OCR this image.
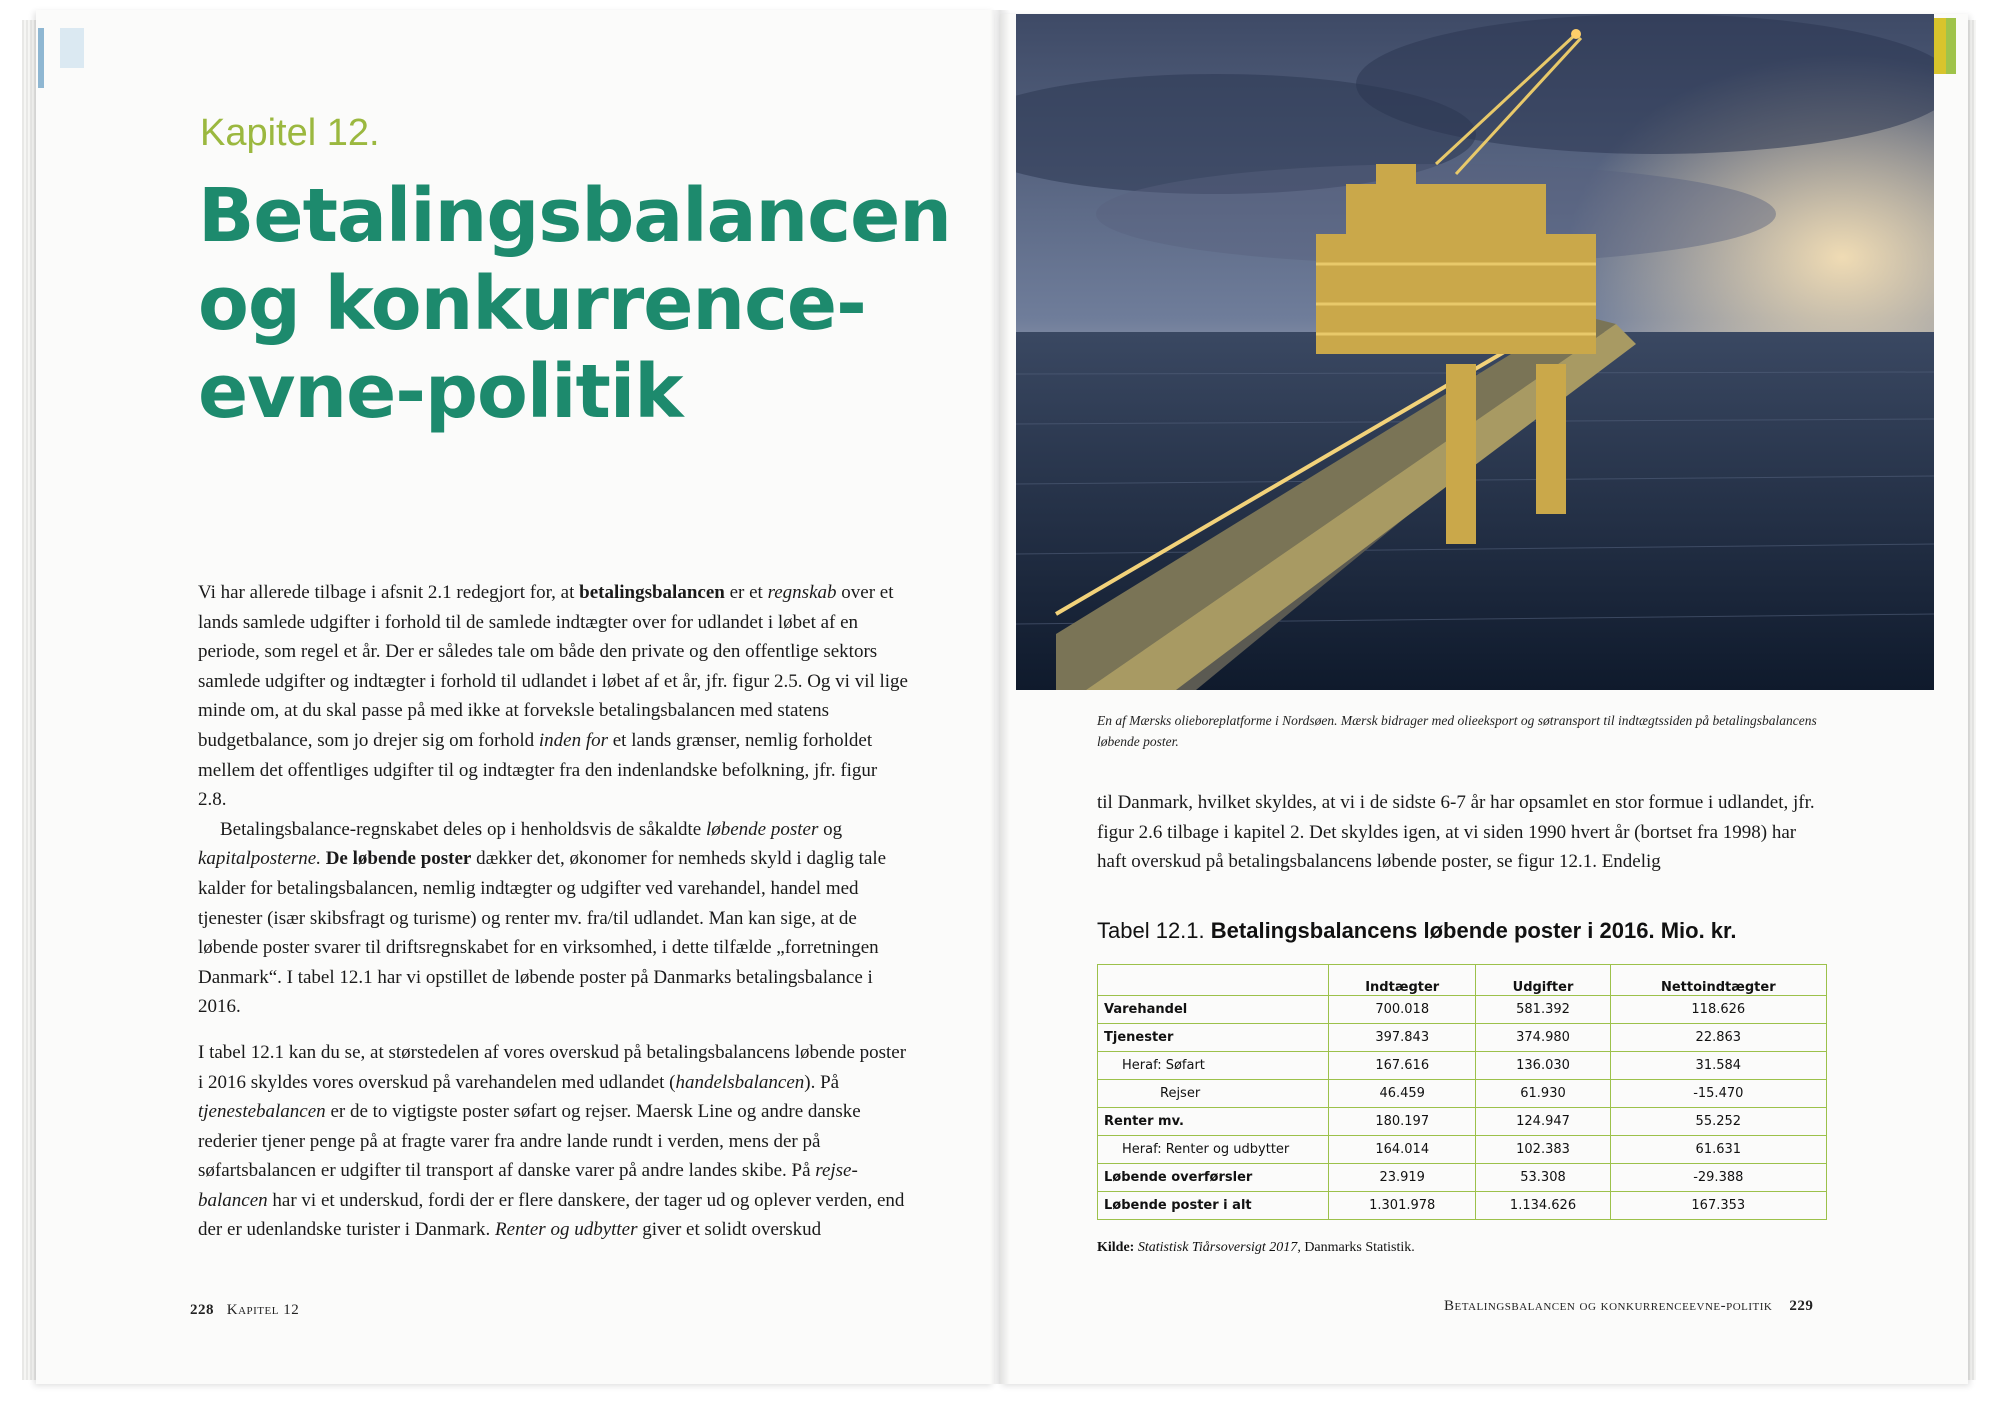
Kapitel 12.
Betalingsbalancen
og konkurrence-
evne-politik

Vi har allerede tilbage i afsnit 2.1 redegjort for, at betalingsbalancen er et regnskab over et lands samlede udgifter i forhold til de samlede indtægter over for udlandet i løbet af en periode, som regel et år. Der er således tale om både den private og den offentlige sektors samlede udgifter og indtægter i forhold til udlandet i løbet af et år, jfr. figur 2.5. Og vi vil lige minde om, at du skal passe på med ikke at forveksle betalingsbalancen med statens budgetbalance, som jo drejer sig om forhold inden for et lands grænser, nemlig forholdet mellem det offentliges udgifter til og indtægter fra den indenlandske befolkning, jfr. figur 2.8.

Betalingsbalance-regnskabet deles op i henholdsvis de såkaldte løbende poster og kapitalposterne. De løbende poster dækker det, økonomer for nemheds skyld i daglig tale kalder for betalingsbalancen, nemlig indtægter og udgifter ved varehandel, handel med tjenester (især skibsfragt og turisme) og renter mv. fra/til udlandet. Man kan sige, at de løbende poster svarer til driftsregnskabet for en virksomhed, i dette tilfælde „forretningen Danmark“. I tabel 12.1 har vi opstillet de løbende poster på Danmarks betalingsbalance i 2016.

I tabel 12.1 kan du se, at størstedelen af vores overskud på betalingsbalancens løbende poster i 2016 skyldes vores overskud på varehandelen med udlandet (handelsbalancen). På tjenestebalancen er de to vigtigste poster søfart og rejser. Maersk Line og andre danske rederier tjener penge på at fragte varer fra andre lande rundt i verden, mens der på søfartsbalancen er udgifter til transport af danske varer på andre landes skibe. På rejsebalancen har vi et underskud, fordi der er flere danskere, der tager ud og oplever verden, end der er udenlandske turister i Danmark. Renter og udbytter giver et solidt overskud

228 Kapitel 12
En af Mærsks olieboreplatforme i Nordsøen. Mærsk bidrager med olieeksport og søtransport til indtægtssiden på betalingsbalancens løbende poster.

til Danmark, hvilket skyldes, at vi i de sidste 6-7 år har opsamlet en stor formue i udlandet, jfr. figur 2.6 tilbage i kapitel 2. Det skyldes igen, at vi siden 1990 hvert år (bortset fra 1998) har haft overskud på betalingsbalancens løbende poster, se figur 12.1. Endelig

Tabel 12.1. Betalingsbalancens løbende poster i 2016. Mio. kr.
	Indtægter	Udgifter	Nettoindtægter
Varehandel	700.018	581.392	118.626
Tjenester	397.843	374.980	22.863
Heraf: Søfart	167.616	136.030	31.584
Rejser	46.459	61.930	-15.470
Renter mv.	180.197	124.947	55.252
Heraf: Renter og udbytter	164.014	102.383	61.631
Løbende overførsler	23.919	53.308	-29.388
Løbende poster i alt	1.301.978	1.134.626	167.353
Kilde: Statistisk Tiårsoversigt 2017, Danmarks Statistik.
Betalingsbalancen og konkurrenceevne-politik 229
